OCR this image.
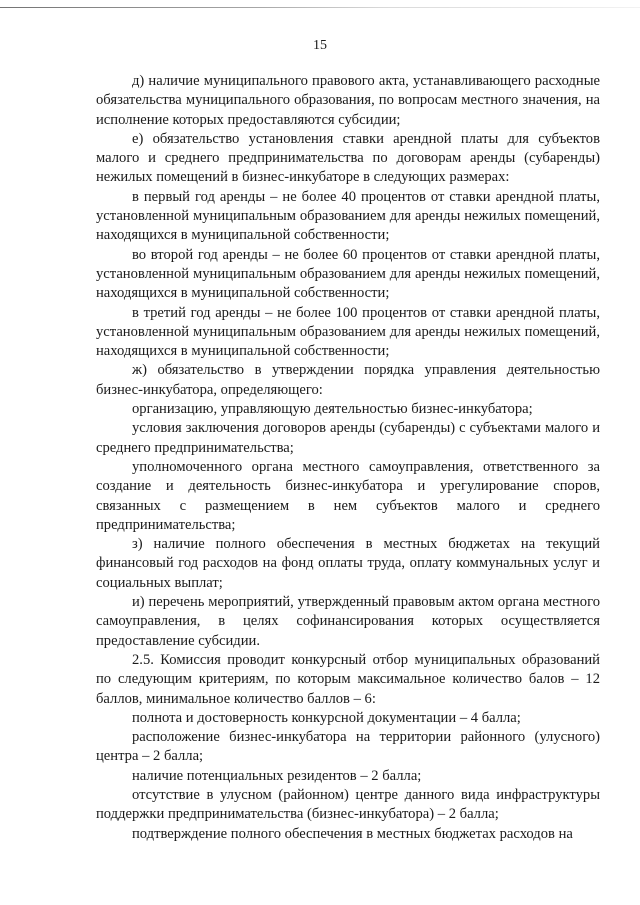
15

д) наличие муниципального правового акта, устанавливающего расходные обязательства муниципального образования, по вопросам местного значения, на исполнение которых предоставляются субсидии;

е) обязательство установления ставки арендной платы для субъектов малого и среднего предпринимательства по договорам аренды (субаренды) нежилых помещений в бизнес-инкубаторе в следующих размерах:

в первый год аренды – не более 40 процентов от ставки арендной платы, установленной муниципальным образованием для аренды нежилых помещений, находящихся в муниципальной собственности;

во второй год аренды – не более 60 процентов от ставки арендной платы, установленной муниципальным образованием для аренды нежилых помещений, находящихся в муниципальной собственности;

в третий год аренды – не более 100 процентов от ставки арендной платы, установленной муниципальным образованием для аренды нежилых помещений, находящихся в муниципальной собственности;

ж) обязательство в утверждении порядка управления деятельностью бизнес-инкубатора, определяющего:

организацию, управляющую деятельностью бизнес-инкубатора;

условия заключения договоров аренды (субаренды) с субъектами малого и среднего предпринимательства;

уполномоченного органа местного самоуправления, ответственного за создание и деятельность бизнес-инкубатора и урегулирование споров, связанных с размещением в нем субъектов малого и среднего предпринимательства;

з) наличие полного обеспечения в местных бюджетах на текущий финансовый год расходов на фонд оплаты труда, оплату коммунальных услуг и социальных выплат;

и) перечень мероприятий, утвержденный правовым актом органа местного самоуправления, в целях софинансирования которых осуществляется предоставление субсидии.

2.5. Комиссия проводит конкурсный отбор муниципальных образований по следующим критериям, по которым максимальное количество балов – 12 баллов, минимальное количество баллов – 6:

полнота и достоверность конкурсной документации – 4 балла;

расположение бизнес-инкубатора на территории районного (улусного) центра – 2 балла;

наличие потенциальных резидентов – 2 балла;

отсутствие в улусном (районном) центре данного вида инфраструктуры поддержки предпринимательства (бизнес-инкубатора) – 2 балла;

подтверждение полного обеспечения в местных бюджетах расходов на
